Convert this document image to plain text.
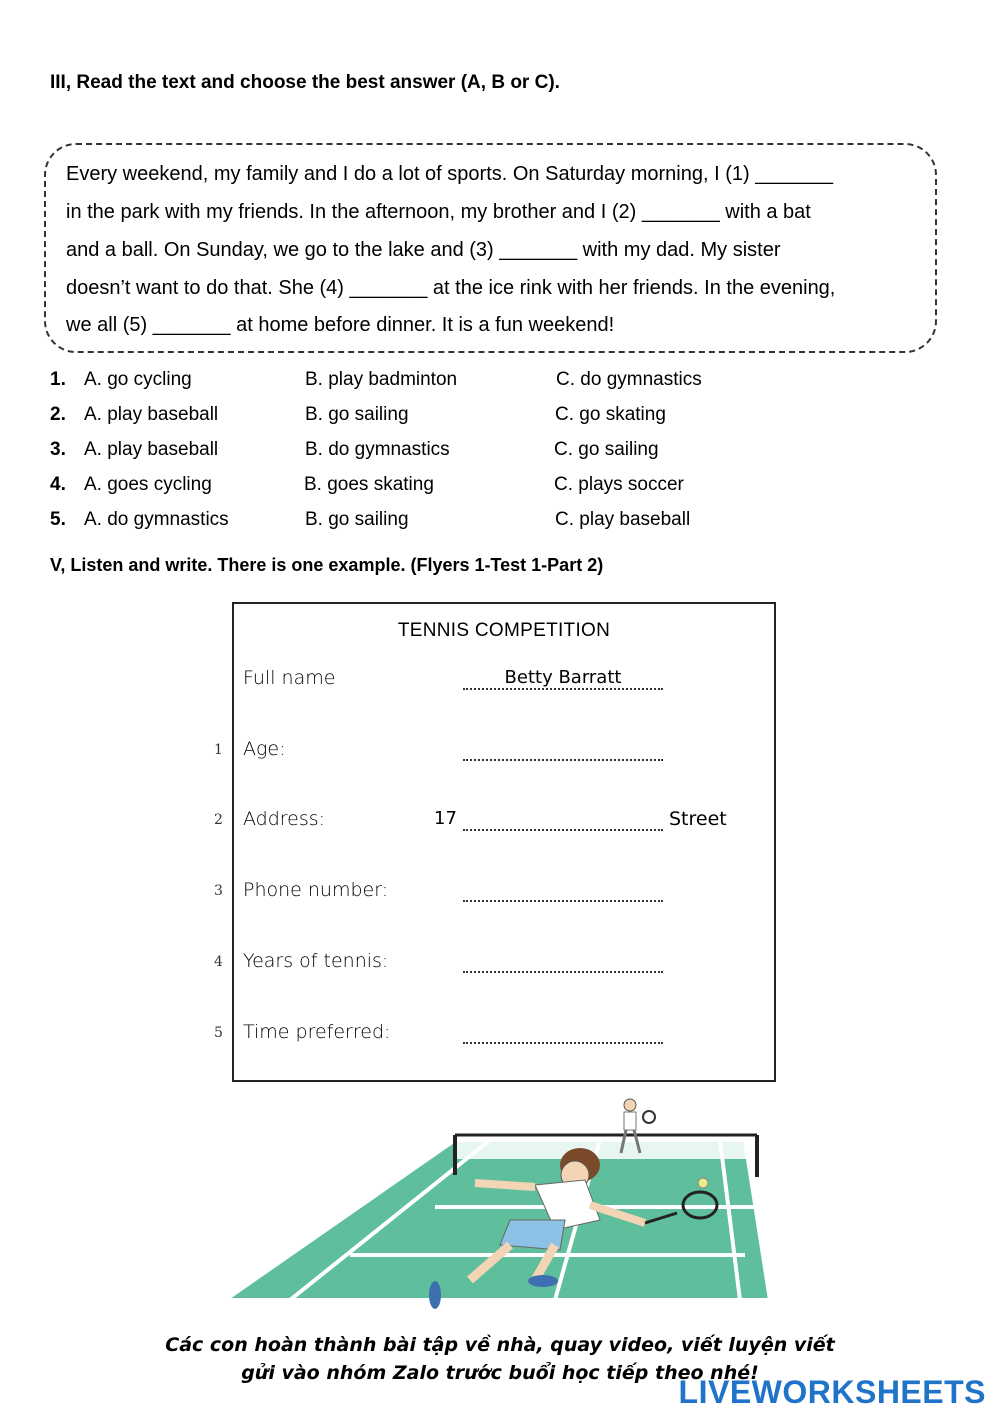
III, Read the text and choose the best answer (A, B or C).
Every weekend, my family and I do a lot of sports. On Saturday morning, I (1) _______
in the park with my friends. In the afternoon, my brother and I (2) _______ with a bat
and a ball. On Sunday, we go to the lake and (3) _______ with my dad. My sister
doesn’t want to do that. She (4) _______ at the ice rink with her friends. In the evening,
we all (5) _______ at home before dinner. It is a fun weekend!
1. A. go cycling	B. play badminton	C. do gymnastics
2. A. play baseball	B. go sailing	C. go skating
3. A. play baseball	B. do gymnastics	C. go sailing
4. A. goes cycling	B. goes skating	C. plays soccer
5. A. do gymnastics	B. go sailing	C. play baseball
V, Listen and write. There is one example. (Flyers 1-Test 1-Part 2)
TENNIS COMPETITION
Full name	Betty Barratt
1 Age:
2 Address:	17	Street
3 Phone number:
4 Years of tennis:
5 Time preferred:
Các con hoàn thành bài tập về nhà, quay video, viết luyện viết
gửi vào nhóm Zalo trước buổi học tiếp theo nhé!
LIVEWORKSHEETS
